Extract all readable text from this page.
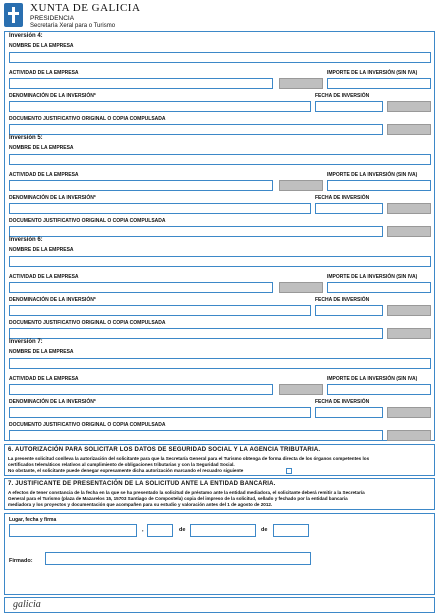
XUNTA DE GALICIA
PRESIDENCIA
Secretaría Xeral para o Turismo
Inversión 4:
NOMBRE DE LA EMPRESA
ACTIVIDAD DE LA EMPRESA	IMPORTE DE LA INVERSIÓN (SIN IVA)
DENOMINACIÓN DE LA INVERSIÓN*	FECHA DE INVERSIÓN
DOCUMENTO JUSTIFICATIVO ORIGINAL O COPIA COMPULSADA
Inversión 5:
NOMBRE DE LA EMPRESA
ACTIVIDAD DE LA EMPRESA	IMPORTE DE LA INVERSIÓN (SIN IVA)
DENOMINACIÓN DE LA INVERSIÓN*	FECHA DE INVERSIÓN
DOCUMENTO JUSTIFICATIVO ORIGINAL O COPIA COMPULSADA
Inversión 6:
NOMBRE DE LA EMPRESA
ACTIVIDAD DE LA EMPRESA	IMPORTE DE LA INVERSIÓN (SIN IVA)
DENOMINACIÓN DE LA INVERSIÓN*	FECHA DE INVERSIÓN
DOCUMENTO JUSTIFICATIVO ORIGINAL O COPIA COMPULSADA
Inversión 7:
NOMBRE DE LA EMPRESA
ACTIVIDAD DE LA EMPRESA	IMPORTE DE LA INVERSIÓN (SIN IVA)
DENOMINACIÓN DE LA INVERSIÓN*	FECHA DE INVERSIÓN
DOCUMENTO JUSTIFICATIVO ORIGINAL O COPIA COMPULSADA
6. AUTORIZACIÓN PARA SOLICITAR LOS DATOS DE SEGURIDAD SOCIAL Y LA AGENCIA TRIBUTARIA.
La presente solicitud conlleva la autorización del solicitante para que la Secretaría General para el Turismo obtenga de forma directa de los órganos competentes los
certificados telemáticos relativos al cumplimiento de obligaciones tributarias y con la Seguridad Social.
No obstante, el solicitante puede denegar expresamente dicha autorización marcando el recuadro siguiente
7. JUSTIFICANTE DE PRESENTACIÓN DE LA SOLICITUD ANTE LA ENTIDAD BANCARIA.
A efectos de tener constancia de la fecha en la que se ha presentado la solicitud de préstamo ante la entidad mediadora, el solicitante deberá remitir a la Secretaría
General para el Turismo (plaza de Mazarelos 15, 15703 Santiago de Compostela) copia del impreso de la solicitud, sellado y fechado por la entidad bancaria
mediadora y los proyectos y documentación que acompañen para su estudio y valoración antes del 1 de agosto de 2012.
Lugar, fecha y firma
,	de	de
Firmado:
galicia
